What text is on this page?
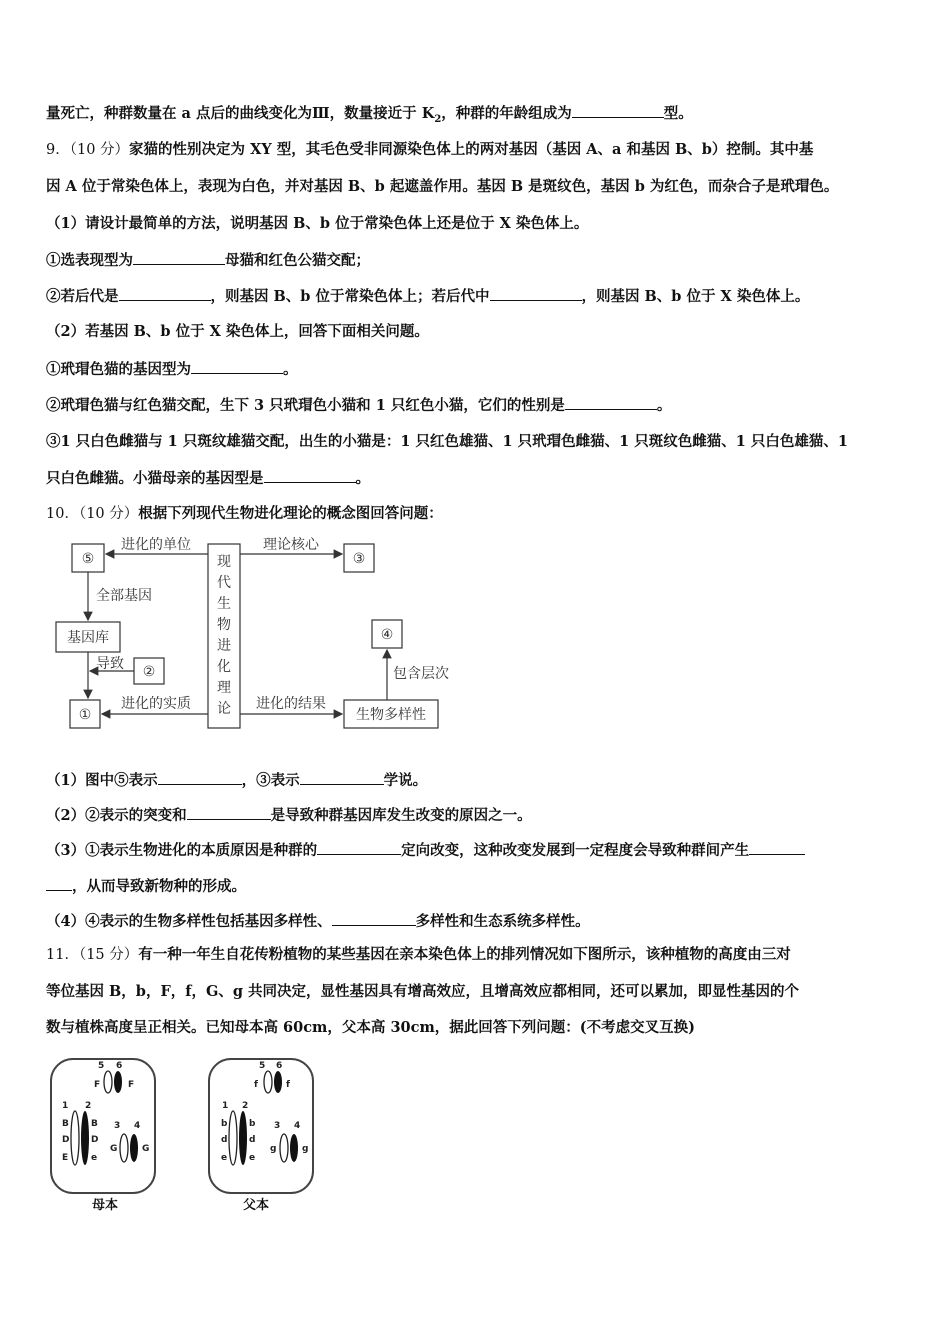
量死亡，种群数量在 a 点后的曲线变化为Ⅲ，数量接近于 $K_2$，种群的年龄组成为	型。
9．（10 分）家猫的性别决定为 XY 型，其毛色受非同源染色体上的两对基因（基因 A、a 和基因 B、b）控制。其中基
因 A 位于常染色体上，表现为白色，并对基因 B、b 起遮盖作用。基因 B 是斑纹色，基因 b 为红色，而杂合子是玳瑁色。
（1）请设计最简单的方法，说明基因 B、b 位于常染色体上还是位于 X 染色体上。
①选表现型为	母猫和红色公猫交配；
②若后代是	，则基因 B、b 位于常染色体上；若后代中	，则基因 B、b 位于 X 染色体上。
（2）若基因 B、b 位于 X 染色体上，回答下面相关问题。
①玳瑁色猫的基因型为	。
②玳瑁色猫与红色猫交配，生下 3 只玳瑁色小猫和 1 只红色小猫，它们的性别是	。
③1 只白色雌猫与 1 只斑纹雄猫交配，出生的小猫是：1 只红色雄猫、1 只玳瑁色雌猫、1 只斑纹色雌猫、1 只白色雄猫、1
只白色雌猫。小猫母亲的基因型是	。
10．（10 分）根据下列现代生物进化理论的概念图回答问题：
⑤	③
④
②
①
基因库
生物多样性
进化的单位	理论核心
全部基因
导致
进化的实质	进化的结果
包含层次
现
代
生
物
进
化
理
论
（1）图中⑤表示	，③表示	学说。
（2）②表示的突变和	是导致种群基因库发生改变的原因之一。
（3）①表示生物进化的本质原因是种群的	定向改变，这种改变发展到一定程度会导致种群间产生
，从而导致新物种的形成。
（4）④表示的生物多样性包括基因多样性、	多样性和生态系统多样性。
11．（15 分）有一种一年生自花传粉植物的某些基因在亲本染色体上的排列情况如下图所示，该种植物的高度由三对
等位基因 B，b，F，f，G、g 共同决定，显性基因具有增高效应，且增高效应都相同，还可以累加，即显性基因的个
数与植株高度呈正相关。已知母本高 60cm，父本高 30cm，据此回答下列问题：(不考虑交叉互换)
5 6
F	F
1 2
3 4
B B
D D
E	e
G	G
母本
5 6
f	f
1 2
3 4
b b
d d
e e
g	g
父本
